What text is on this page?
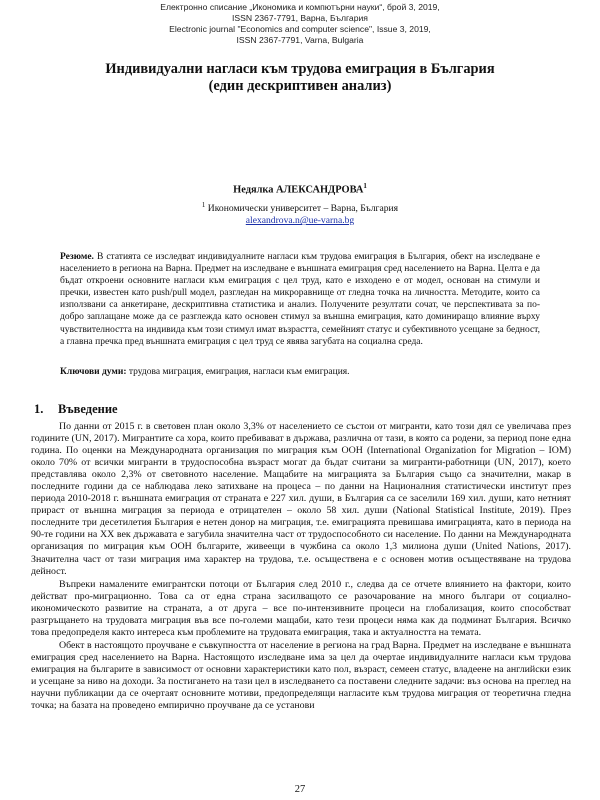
Електронно списание „Икономика и компютърни науки“, брой 3, 2019,
ISSN 2367-7791, Варна, България
Electronic journal "Economics and computer science", Issue 3, 2019,
ISSN 2367-7791, Varna, Bulgaria
Индивидуални нагласи към трудова емиграция в България
(един дескриптивен анализ)
Недялка АЛЕКСАНДРОВА$^1$
$^1$ Икономически университет – Варна, България
alexandrova.n@ue-varna.bg
Резюме. В статията се изследват индивидуалните нагласи към трудова емиграция в България, обект на изследване е населението в региона на Варна. Предмет на изследване е външната емиграция сред населението на Варна. Целта е да бъдат откроени основните нагласи към емиграция с цел труд, като е изходено е от модел, основан на стимули и пречки, известен като push/pull модел, разгледан на микроравнище от гледна точка на личността. Методите, които са използвани са анкетиране, дескриптивна статистика и анализ. Получените резултати сочат, че перспективата за по-добро заплащане може да се разглежда като основен стимул за външна емиграция, като доминиращо влияние върху чувствителността на индивида към този стимул имат възрастта, семейният статус и субективното усещане за бедност, а главна пречка пред външната емиграция с цел труд се явява загубата на социална среда.
Ключови думи: трудова миграция, емиграция, нагласи към емиграция.
1. Въведение

По данни от 2015 г. в световен план около 3,3% от населението се състои от мигранти, като този дял се увеличава през годините (UN, 2017). Мигрантите са хора, които пребивават в държава, различна от тази, в която са родени, за период поне една година. По оценки на Международната организация по миграция към ООН (International Organization for Migration – IOM) около 70% от всички мигранти в трудоспособна възраст могат да бъдат считани за мигранти-работници (UN, 2017), което представлява около 2,3% от световното население. Мащабите на миграцията за България също са значителни, макар в последните години да се наблюдава леко затихване на процеса – по данни на Националния статистически институт през периода 2010-2018 г. външната емиграция от страната е 227 хил. души, в България са се заселили 169 хил. души, като нетният прираст от външна миграция за периода е отрицателен – около 58 хил. души (National Statistical Institute, 2019). През последните три десетилетия България е нетен донор на миграция, т.е. емиграцията превишава имиграцията, като в периода на 90-те години на XX век държавата е загубила значителна част от трудоспособното си население. По данни на Международната организация по миграция към ООН българите, живеещи в чужбина са около 1,3 милиона души (United Nations, 2017). Значителна част от тази миграция има характер на трудова, т.е. осъществена е с основен мотив осъществяване на трудова дейност.

Въпреки намалените емигрантски потоци от България след 2010 г., следва да се отчете влиянието на фактори, които действат про-миграционно. Това са от една страна засилващото се разочарование на много българи от социално-икономическото развитие на страната, а от друга – все по-интензивните процеси на глобализация, които способстват разгръщането на трудовата миграция във все по-големи мащаби, като тези процеси няма как да подминат България. Всичко това предопределя както интереса към проблемите на трудовата емиграция, така и актуалността на темата.

Обект в настоящото проучване е съвкупността от население в региона на град Варна. Предмет на изследване е външната емиграция сред населението на Варна. Настоящото изследване има за цел да очертае индивидуалните нагласи към трудова емиграция на българите в зависимост от основни характеристики като пол, възраст, семеен статус, владеене на английски език и усещане за ниво на доходи. За постигането на тази цел в изследването са поставени следните задачи: въз основа на преглед на научни публикации да се очертаят основните мотиви, предопределящи нагласите към трудова миграция от теоретична гледна точка; на базата на проведено емпирично проучване да се установи

27
